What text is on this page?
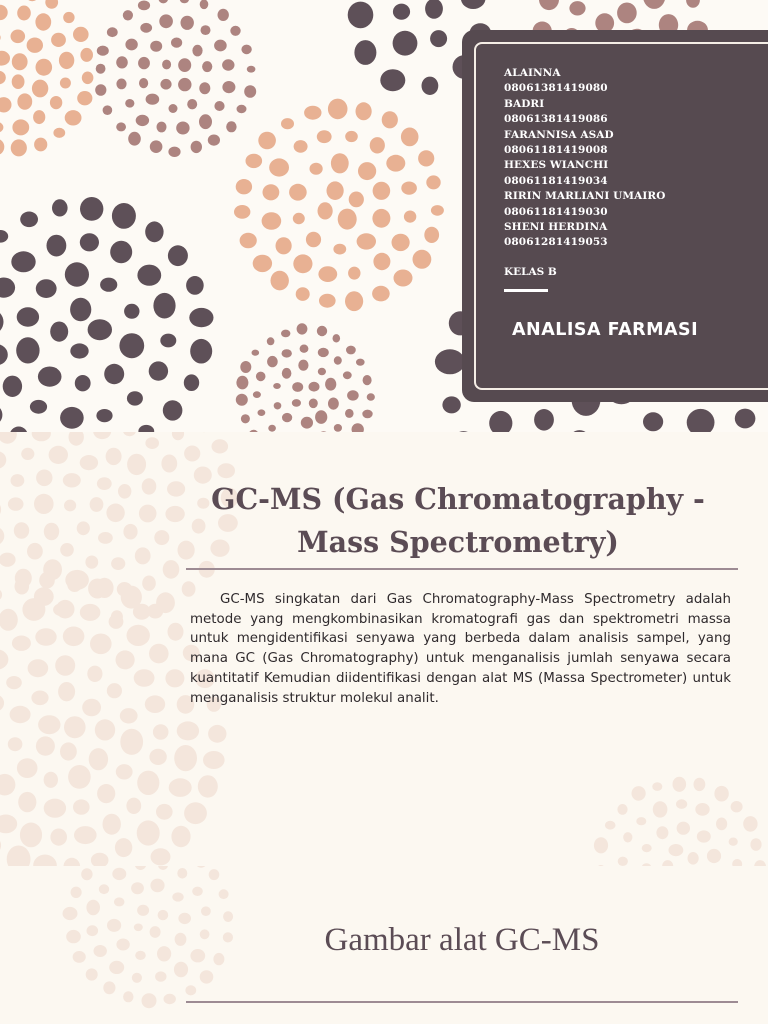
ALAINNA
08061381419080
BADRI
08061381419086
FARANNISA ASAD
08061181419008
HEXES WIANCHI
08061181419034
RIRIN MARLIANI UMAIRO
08061181419030
SHENI HERDINA
08061281419053
KELAS B
ANALISA FARMASI
GC-MS (Gas Chromatography - Mass Spectrometry)

GC-MS singkatan dari Gas Chromatography-Mass Spectrometry adalah metode yang mengkombinasikan kromatografi gas dan spektrometri massa untuk mengidentifikasi senyawa yang berbeda dalam analisis sampel, yang mana GC (Gas Chromatography) untuk menganalisis jumlah senyawa secara kuantitatif Kemudian diidentifikasi dengan alat MS (Massa Spectrometer) untuk menganalisis struktur molekul analit.

Gambar alat GC-MS
